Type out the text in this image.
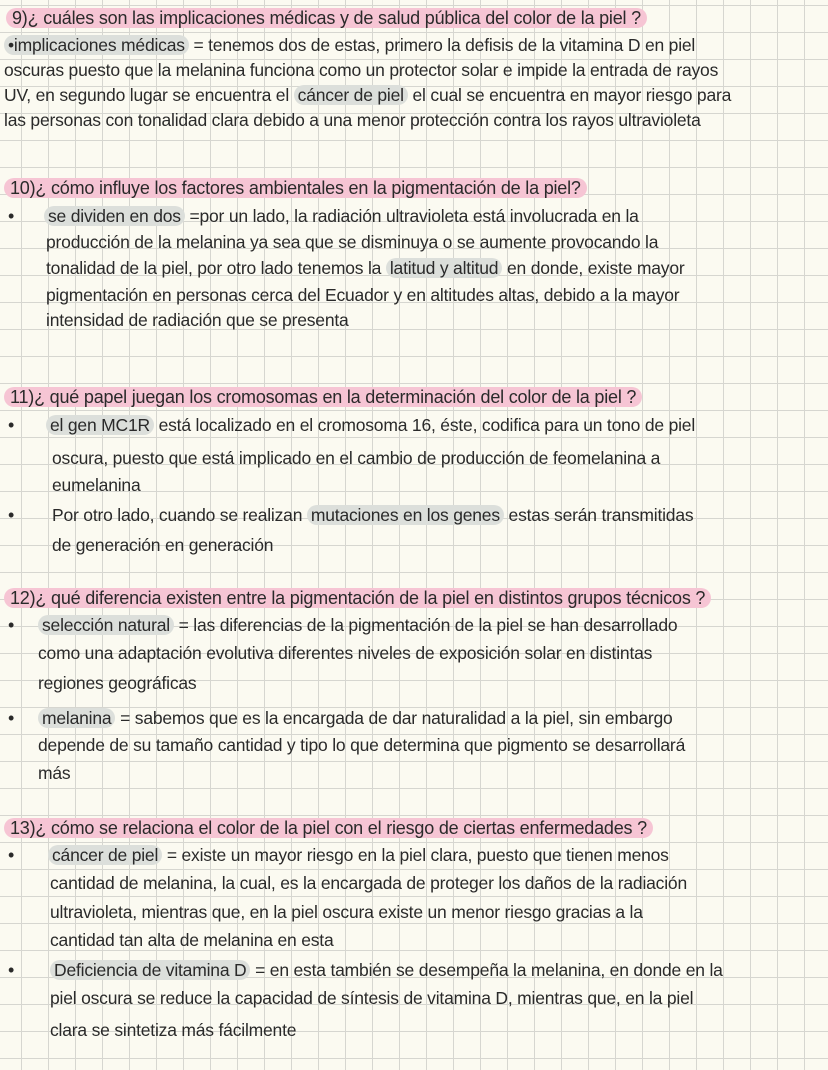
9)¿ cuáles son las implicaciones médicas y de salud pública del color de la piel ?
•implicaciones médicas = tenemos dos de estas, primero la defisis de la vitamina D en piel
oscuras puesto que la melanina funciona como un protector solar e impide la entrada de rayos
UV, en segundo lugar se encuentra el cáncer de piel el cual se encuentra en mayor riesgo para
las personas con tonalidad clara debido a una menor protección contra los rayos ultravioleta
10)¿ cómo influye los factores ambientales en la pigmentación de la piel?
• se dividen en dos =por un lado, la radiación ultravioleta está involucrada en la
producción de la melanina ya sea que se disminuya o se aumente provocando la
tonalidad de la piel, por otro lado tenemos la latitud y altitud en donde, existe mayor
pigmentación en personas cerca del Ecuador y en altitudes altas, debido a la mayor
intensidad de radiación que se presenta
11)¿ qué papel juegan los cromosomas en la determinación del color de la piel ?
• el gen MC1R está localizado en el cromosoma 16, éste, codifica para un tono de piel
oscura, puesto que está implicado en el cambio de producción de feomelanina a
eumelanina
• Por otro lado, cuando se realizan mutaciones en los genes estas serán transmitidas
de generación en generación
12)¿ qué diferencia existen entre la pigmentación de la piel en distintos grupos técnicos ?
• selección natural = las diferencias de la pigmentación de la piel se han desarrollado
como una adaptación evolutiva diferentes niveles de exposición solar en distintas
regiones geográficas
• melanina = sabemos que es la encargada de dar naturalidad a la piel, sin embargo
depende de su tamaño cantidad y tipo lo que determina que pigmento se desarrollará
más
13)¿ cómo se relaciona el color de la piel con el riesgo de ciertas enfermedades ?
• cáncer de piel = existe un mayor riesgo en la piel clara, puesto que tienen menos
cantidad de melanina, la cual, es la encargada de proteger los daños de la radiación
ultravioleta, mientras que, en la piel oscura existe un menor riesgo gracias a la
cantidad tan alta de melanina en esta
• Deficiencia de vitamina D = en esta también se desempeña la melanina, en donde en la
piel oscura se reduce la capacidad de síntesis de vitamina D, mientras que, en la piel
clara se sintetiza más fácilmente
